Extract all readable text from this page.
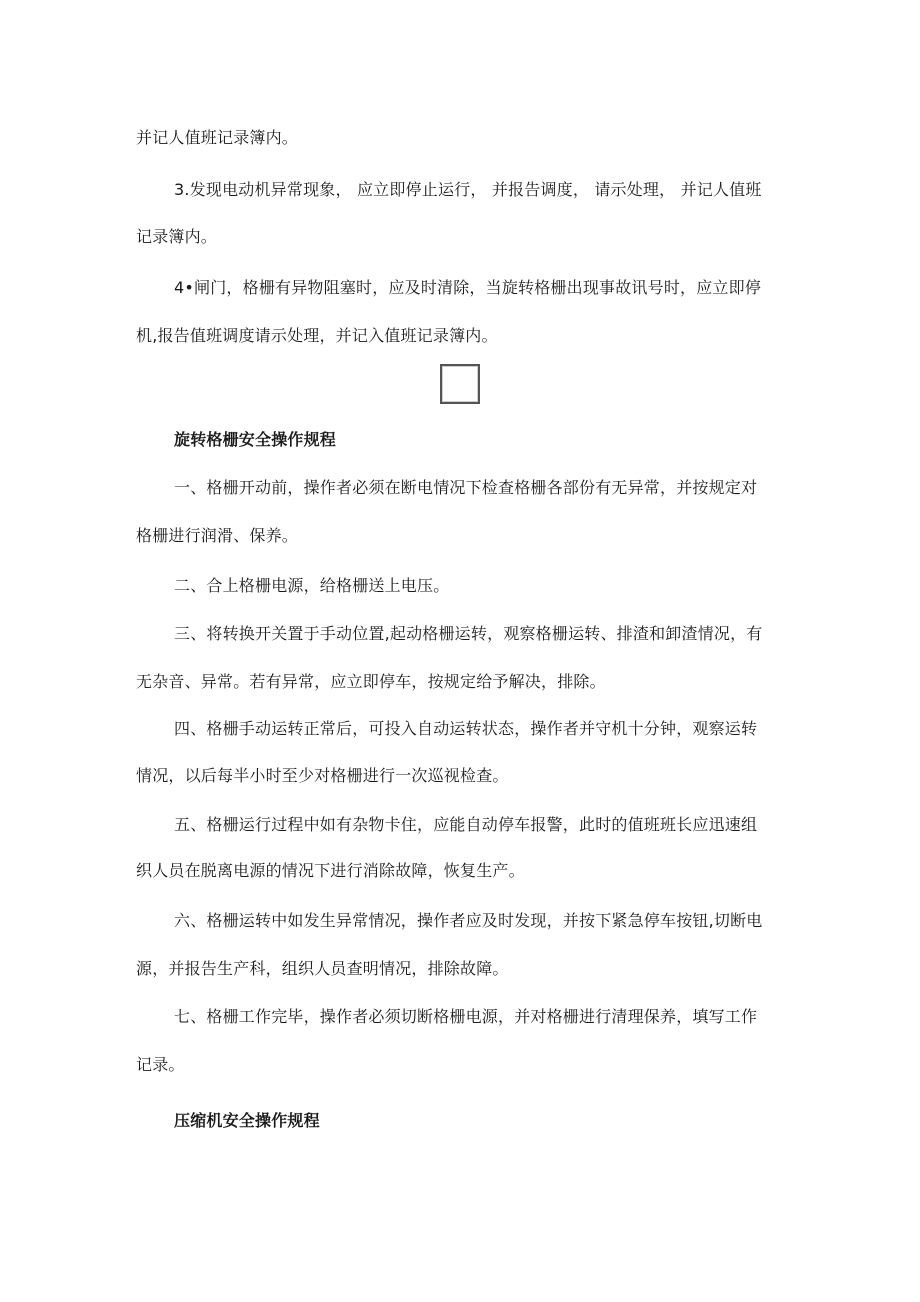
并记人值班记录簿内。
3.发现电动机异常现象， 应立即停止运行， 并报告调度， 请示处理， 并记人值班
记录簿内。
4•闸门，格栅有异物阻塞时，应及时清除，当旋转格栅出现事故讯号时，应立即停
机,报告值班调度请示处理，并记入值班记录簿内。
旋转格栅安全操作规程
一、格栅开动前，操作者必须在断电情况下检查格栅各部份有无异常，并按规定对
格栅进行润滑、保养。
二、合上格栅电源，给格栅送上电压。
三、将转换开关置于手动位置,起动格栅运转，观察格栅运转、排渣和卸渣情况，有
无杂音、异常。若有异常，应立即停车，按规定给予解决，排除。
四、格栅手动运转正常后，可投入自动运转状态，操作者并守机十分钟，观察运转
情况，以后每半小时至少对格栅进行一次巡视检查。
五、格栅运行过程中如有杂物卡住，应能自动停车报警，此时的值班班长应迅速组
织人员在脱离电源的情况下进行消除故障，恢复生产。
六、格栅运转中如发生异常情况，操作者应及时发现，并按下紧急停车按钮,切断电
源，并报告生产科，组织人员查明情况，排除故障。
七、格栅工作完毕，操作者必须切断格栅电源，并对格栅进行清理保养，填写工作
记录。
压缩机安全操作规程
